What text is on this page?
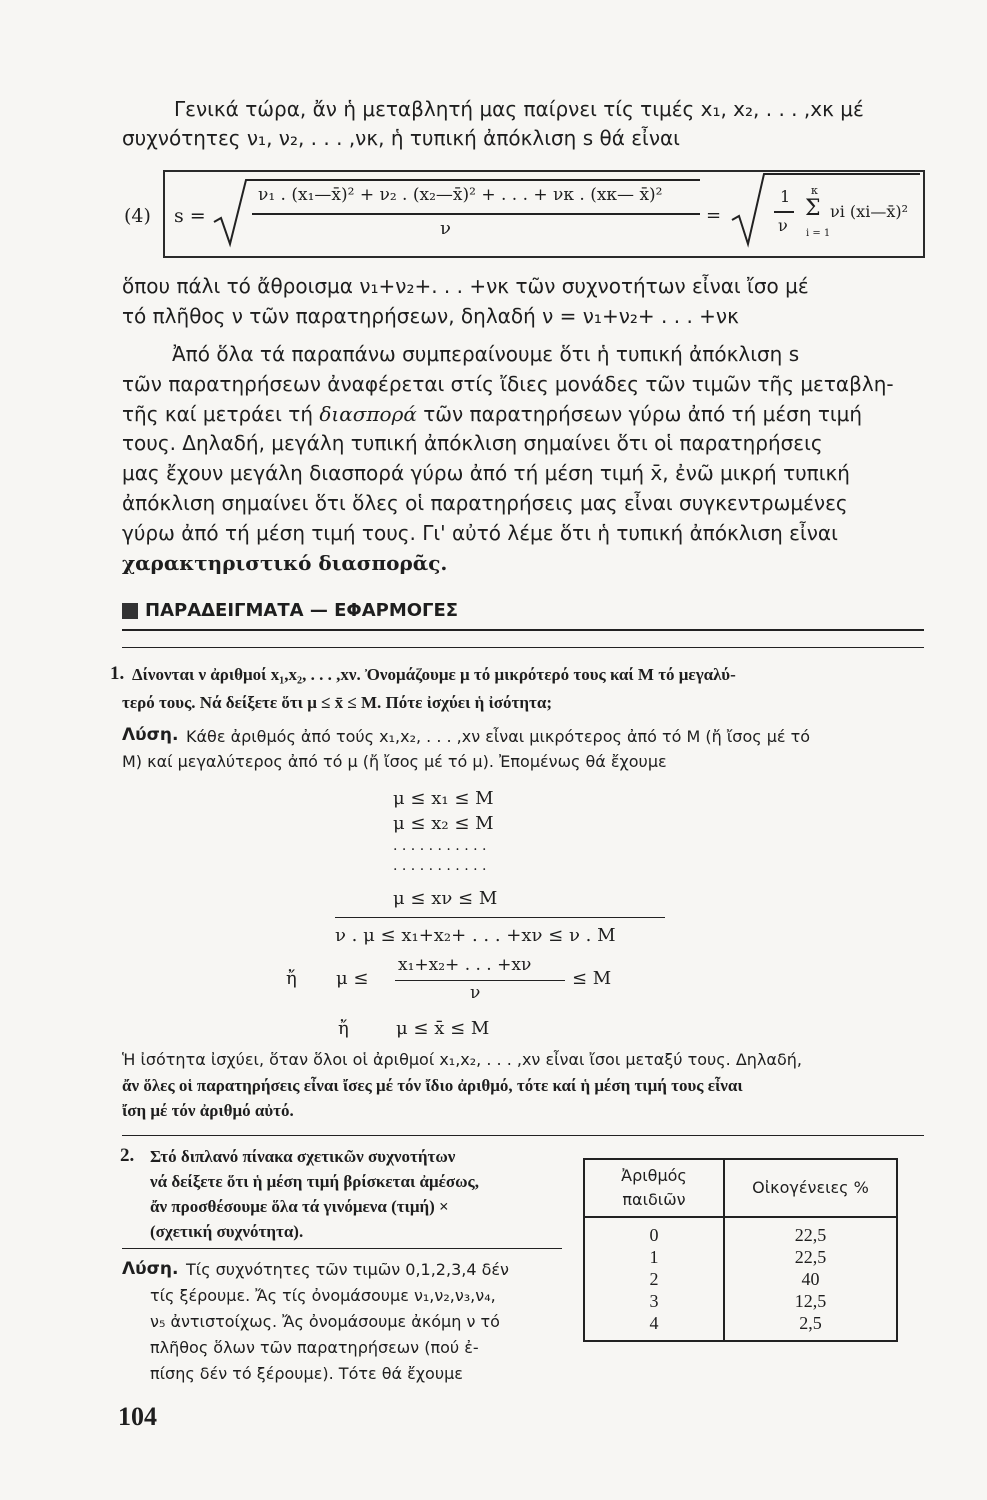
Γενικά τώρα, ἄν ἡ μεταβλητή μας παίρνει τίς τιμές x₁, x₂, . . . ,xκ μέ
συχνότητες ν₁, ν₂, . . . ,νκ, ἡ τυπική ἀπόκλιση s θά εἶναι
(4) s =
ν₁ . (x₁—x̄)² + ν₂ . (x₂—x̄)² + . . . + νκ . (xκ— x̄)²
ν
=
1
ν
κ
Σ
i = 1
νi (xi—x̄)²
ὅπου πάλι τό ἄθροισμα ν₁+ν₂+. . . +νκ τῶν συχνοτήτων εἶναι ἴσο μέ
τό πλῆθος ν τῶν παρατηρήσεων, δηλαδή ν = ν₁+ν₂+ . . . +νκ
Ἀπό ὅλα τά παραπάνω συμπεραίνουμε ὅτι ἡ τυπική ἀπόκλιση s
τῶν παρατηρήσεων ἀναφέρεται στίς ἴδιες μονάδες τῶν τιμῶν τῆς μεταβλη-
τῆς καί μετράει τή διασπορά τῶν παρατηρήσεων γύρω ἀπό τή μέση τιμή
τους. Δηλαδή, μεγάλη τυπική ἀπόκλιση σημαίνει ὅτι οἱ παρατηρήσεις
μας ἔχουν μεγάλη διασπορά γύρω ἀπό τή μέση τιμή x̄, ἐνῶ μικρή τυπική
ἀπόκλιση σημαίνει ὅτι ὅλες οἱ παρατηρήσεις μας εἶναι συγκεντρωμένες
γύρω ἀπό τή μέση τιμή τους. Γι' αὐτό λέμε ὅτι ἡ τυπική ἀπόκλιση εἶναι
χαρακτηριστικό διασπορᾶς.
ΠΑΡΑΔΕΙΓΜΑΤΑ — ΕΦΑΡΜΟΓΕΣ
1. Δίνονται ν ἀριθμοί x₁,x₂, . . . ,xν. Ὀνομάζουμε μ τό μικρότερό τους καί Μ τό μεγαλύ-
τερό τους. Νά δείξετε ὅτι μ ≤ x̄ ≤ Μ. Πότε ἰσχύει ἡ ἰσότητα;
Λύση. Κάθε ἀριθμός ἀπό τούς x₁,x₂, . . . ,xν εἶναι μικρότερος ἀπό τό Μ (ἤ ἴσος μέ τό
Μ) καί μεγαλύτερος ἀπό τό μ (ἤ ἴσος μέ τό μ). Ἐπομένως θά ἔχουμε
μ ≤ x₁ ≤ Μ
μ ≤ x₂ ≤ Μ
. . . . . . . . . . .
. . . . . . . . . . .
μ ≤ xν ≤ Μ
ν . μ ≤ x₁+x₂+ . . . +xν ≤ ν . Μ
ἤ μ ≤
x₁+x₂+ . . . +xν
ν
≤ Μ
ἤ	μ ≤ x̄ ≤ Μ
Ἡ ἰσότητα ἰσχύει, ὅταν ὅλοι οἱ ἀριθμοί x₁,x₂, . . . ,xν εἶναι ἴσοι μεταξύ τους. Δηλαδή,
ἄν ὅλες οἱ παρατηρήσεις εἶναι ἴσες μέ τόν ἴδιο ἀριθμό, τότε καί ἡ μέση τιμή τους εἶναι
ἴση μέ τόν ἀριθμό αὐτό.
2. Στό διπλανό πίνακα σχετικῶν συχνοτήτων
νά δείξετε ὅτι ἡ μέση τιμή βρίσκεται ἀμέσως,
ἄν προσθέσουμε ὅλα τά γινόμενα (τιμή) ×
(σχετική συχνότητα).
Λύση. Τίς συχνότητες τῶν τιμῶν 0,1,2,3,4 δέν
τίς ξέρουμε. Ἄς τίς ὀνομάσουμε ν₁,ν₂,ν₃,ν₄,
ν₅ ἀντιστοίχως. Ἄς ὀνομάσουμε ἀκόμη ν τό
πλῆθος ὅλων τῶν παρατηρήσεων (πού ἐ-
πίσης δέν τό ξέρουμε). Τότε θά ἔχουμε
Ἀριθμός
παιδιῶν	Οἰκογένειες %
0	22,5
1	22,5
2	40
3	12,5
4	2,5
104
